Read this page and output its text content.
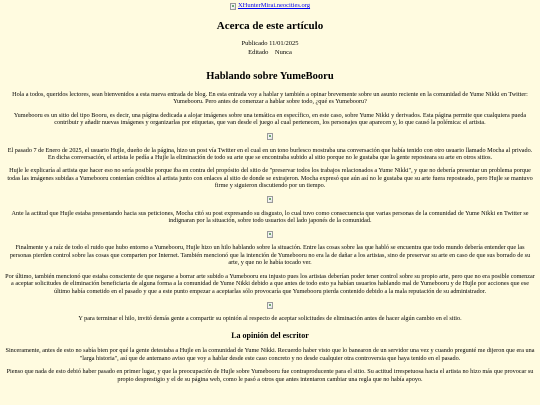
XHunterMirai.neocities.org
Acerca de este artículo
Publicado 11/01/2025
Editado    Nunca
Hablando sobre YumeBooru

Hola a todos, queridos lectores, sean bienvenidos a esta nueva entrada de blog. En esta entrada voy a hablar y también a opinar brevemente sobre un asunto reciente en la comunidad de Yume Nikki en Twitter: Yumebooru. Pero antes de comenzar a hablar sobre todo, ¿qué es Yumebooru?

Yumebooru es un sitio del tipo Booru, es decir, una página dedicada a alojar imágenes sobre una temática en específico, en este caso, sobre Yume Nikki y derivados. Esta página permite que cualquiera pueda contribuir y añadir nuevas imágenes y organizarlas por etiquetas, que van desde el juego al cual pertenecen, los personajes que aparecen y, lo que causó la polémica: el artista.

El pasado 7 de Enero de 2025, el usuario Hujle, dueño de la página, hizo un post vía Twitter en el cual en un tono burlesco mostraba una conversación que había tenido con otro usuario llamado Mocha al privado. En dicha conversación, el artista le pedía a Hujle la eliminación de todo su arte que se encontraba subido al sitio porque no le gustaba que la gente reposteara su arte en otros sitios.

Hujle le explicaría al artista que hacer eso no sería posible porque iba en contra del propósito del sitio de "preservar todos los trabajos relacionados a Yume Nikki", y que no debería presentar un problema porque todas las imágenes subidas a Yumebooru contenían créditos al artista junto con enlaces al sitio de donde se extrajeron. Mocha expresó que aún así no le gustaba que su arte fuera reposteado, pero Hujle se mantuvo firme y siguieron discutiendo por un tiempo.

Ante la actitud que Hujle estaba presentando hacia sus peticiones, Mocha citó su post expresando su disgusto, lo cual tuvo como consecuencia que varias personas de la comunidad de Yume Nikki en Twitter se indignaran por la situación, sobre todo usuarios del lado japonés de la comunidad.

Finalmente y a raíz de todo el ruido que hubo entorno a Yumebooru, Hujle hizo un hilo hablando sobre la situación. Entre las cosas sobre las que habló se encuentra que todo mundo debería entender que las personas pierden control sobre las cosas que comparten por Internet. También mencionó que la intención de Yumebooru no era la de dañar a los artistas, sino de preservar su arte en caso de que sus borrado de su arte, y que no le había tocado ver.

Por último, también mencionó que estaba consciente de que negarse a borrar arte subido a Yumebooru era injusto pues los artistas deberían poder tener control sobre su propio arte, pero que no era posible comenzar a aceptar solicitudes de eliminación beneficiaria de alguna forma a la comunidad de Yume Nikki debido a que antes de todo esto ya habían usuarios hablando mal de Yumebooru y de Hujle por acciones que ese último había cometido en el pasado y que a este punto empezar a aceptarlas sólo provocaría que Yumebooru pierda contenido debido a la mala reputación de su administrador.

Y para terminar el hilo, invitó demás gente a compartir su opinión al respecto de aceptar solicitudes de eliminación antes de hacer algún cambio en el sitio.

La opinión del escritor

Sinceramente, antes de esto no sabía bien por qué la gente detestaba a Hujle en la comunidad de Yume Nikki. Recuerdo haber visto que lo banearon de un servidor una vez y cuando pregunté me dijeron que era una "larga historia", así que de antemano aviso que voy a hablar desde este caso concreto y no desde cualquier otra controversia que haya tenido en el pasado.

Pienso que nada de esto debió haber pasado en primer lugar, y que la preocupación de Hujle sobre Yumebooru fue contraproducente para el sitio. Su actitud irrespetuosa hacia el artista no hizo más que provocar su propio desprestigio y el de su página web, como le pasó a otros que antes intentaron cambiar una regla que no había apoyo.
